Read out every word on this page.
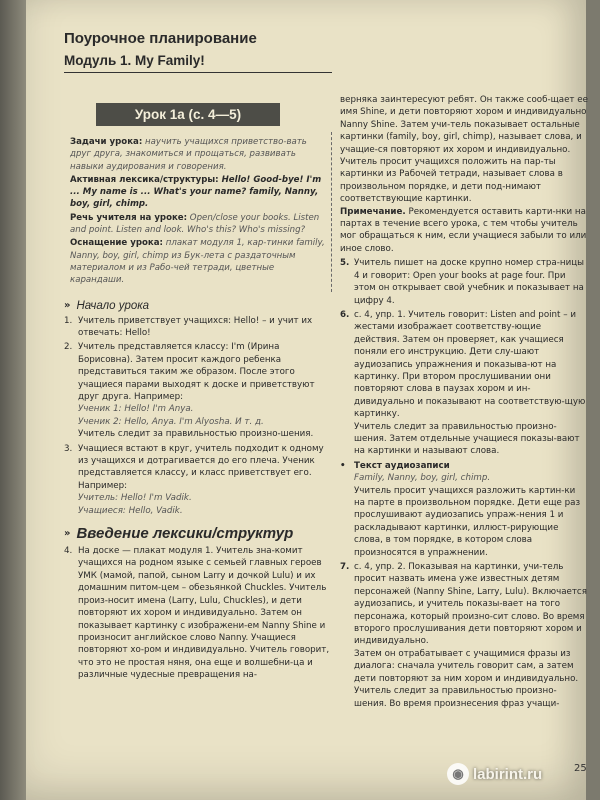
Поурочное планирование

Модуль 1. My Family!

Урок 1a (с. 4—5)

Задачи урока: научить учащихся приветство-вать друг друга, знакомиться и прощаться, развивать навыки аудирования и говорения.

Активная лексика/структуры: Hello! Good-bye! I'm ... My name is ... What's your name? family, Nanny, boy, girl, chimp.

Речь учителя на уроке: Open/close your books. Listen and point. Listen and look. Who's this? Who's missing?

Оснащение урока: плакат модуля 1, кар-тинки family, Nanny, boy, girl, chimp из Бук-лета с раздаточным материалом и из Рабо-чей тетради, цветные карандаши.

» Начало урока
1. Учитель приветствует учащихся: Hello! – и учит их отвечать: Hello!

2. Учитель представляется классу: I'm (Ирина Борисовна). Затем просит каждого ребенка представиться таким же образом. После этого учащиеся парами выходят к доске и приветствуют друг друга. Например:

Ученик 1: Hello! I'm Anya.

Ученик 2: Hello, Anya. I'm Alyosha. И т. д.

Учитель следит за правильностью произно-шения.

3. Учащиеся встают в круг, учитель подходит к одному из учащихся и дотрагивается до его плеча. Ученик представляется классу, и класс приветствует его. Например:

Учитель: Hello! I'm Vadik.

Учащиеся: Hello, Vadik.

» Введение лексики/структур
4. На доске — плакат модуля 1. Учитель зна-комит учащихся на родном языке с семьей главных героев УМК (мамой, папой, сыном Larry и дочкой Lulu) и их домашним питом-цем – обезьянкой Chuckles. Учитель произ-носит имена (Larry, Lulu, Chuckles), и дети повторяют их хором и индивидуально. Затем он показывает картинку с изображени-ем Nanny Shine и произносит английское слово Nanny. Учащиеся повторяют хо-ром и индивидуально. Учитель говорит, что это не простая няня, она еще и волшебни-ца и различные чудесные превращения на-

верняка заинтересуют ребят. Он также сооб-щает ее имя Shine, и дети повторяют хором и индивидуально Nanny Shine. Затем учи-тель показывает остальные картинки (family, boy, girl, chimp), называет слова, и учащие-ся повторяют их хором и индивидуально. Учитель просит учащихся положить на пар-ты картинки из Рабочей тетради, называет слова в произвольном порядке, и дети под-нимают соответствующие картинки.

Примечание. Рекомендуется оставить карти-нки на партах в течение всего урока, с тем чтобы учитель мог обращаться к ним, если учащиеся забыли то или иное слово.

5. Учитель пишет на доске крупно номер стра-ницы 4 и говорит: Open your books at page four. При этом он открывает свой учебник и показывает на цифру 4.

6. с. 4, упр. 1. Учитель говорит: Listen and point – и жестами изображает соответству-ющие действия. Затем он проверяет, как учащиеся поняли его инструкцию. Дети слу-шают аудиозапись упражнения и показыва-ют на картинку. При втором прослушивании они повторяют слова в паузах хором и ин-дивидуально и показывают на соответствую-щую картинку.

Учитель следит за правильностью произно-шения. Затем отдельные учащиеся показы-вают на картинки и называют слова.

• Текст аудиозаписи

Family, Nanny, boy, girl, chimp.

Учитель просит учащихся разложить картин-ки на парте в произвольном порядке. Дети еще раз прослушивают аудиозапись упраж-нения 1 и раскладывают картинки, иллюст-рирующие слова, в том порядке, в котором слова произносятся в упражнении.

7. с. 4, упр. 2. Показывая на картинки, учи-тель просит назвать имена уже известных детям персонажей (Nanny Shine, Larry, Lulu). Включается аудиозапись, и учитель показы-вает на того персонажа, который произно-сит слово. Во время второго прослушивания дети повторяют хором и индивидуально.

Затем он отрабатывает с учащимися фразы из диалога: сначала учитель говорит сам, а затем дети повторяют за ним хором и индивидуально.

Учитель следит за правильностью произно-шения. Во время произнесения фраз учащи-

25
◉ labirint.ru
